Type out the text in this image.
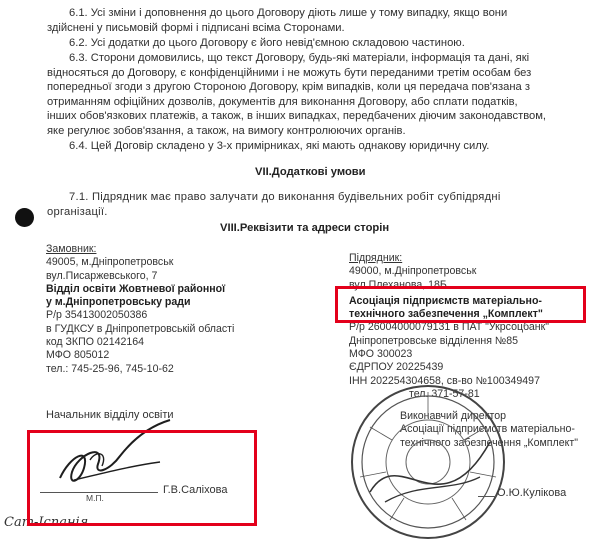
6.1. Усі зміни і доповнення до цього Договору діють лише у тому випадку, якщо вони
здійснені у письмовій формі і підписані всіма Сторонами.
6.2. Усі додатки до цього Договору є його невід'ємною складовою частиною.
6.3. Сторони домовились, що текст Договору, будь-які матеріали, інформація та дані, які
відносяться до Договору, є конфіденційними і не можуть бути переданими третім особам без
попередньої згоди з другою Стороною Договору, крім випадків, коли ця передача пов'язана з
отриманням офіційних дозволів, документів для виконання Договору, або сплати податків,
інших обов'язкових платежів, а також, в інших випадках, передбачених діючим законодавством,
яке регулює зобов'язання, а також, на вимогу контролюючих органів.
6.4. Цей Договір складено у 3-х примірниках, які мають однакову юридичну силу.
VII.Додаткові умови
7.1. Підрядник має право залучати до виконання будівельних робіт субпідрядні
організації.
VIII.Реквізити та адреси сторін
Замовник:
49005, м.Дніпропетровськ
вул.Писаржевського, 7
Відділ освіти Жовтневої районної
у м.Дніпропетровську ради
Р/р 35413002050386
в ГУДКСУ в Дніпропетровській області
код ЗКПО 02142164
МФО 805012
тел.: 745-25-96, 745-10-62
Начальник відділу освіти
Підрядник:
49000, м.Дніпропетровськ
вул.Плеханова, 18Б
Асоціація підприємств матеріально-
технічного забезпечення „Комплект"
Р/р 26004000079131 в ПАТ "Укрсоцбанк"
Дніпропетровське відділення №85
МФО 300023
ЄДРПОУ 20225439
ІНН 202254304658, св-во №100349497
тел. 371-57-81
Виконавчий директор
Асоціації підприємств матеріально-
технічного забезпечення „Комплект"
О.Ю.Кулікова
М.П.
Г.В.Саліхова
Сат-Іспанія
